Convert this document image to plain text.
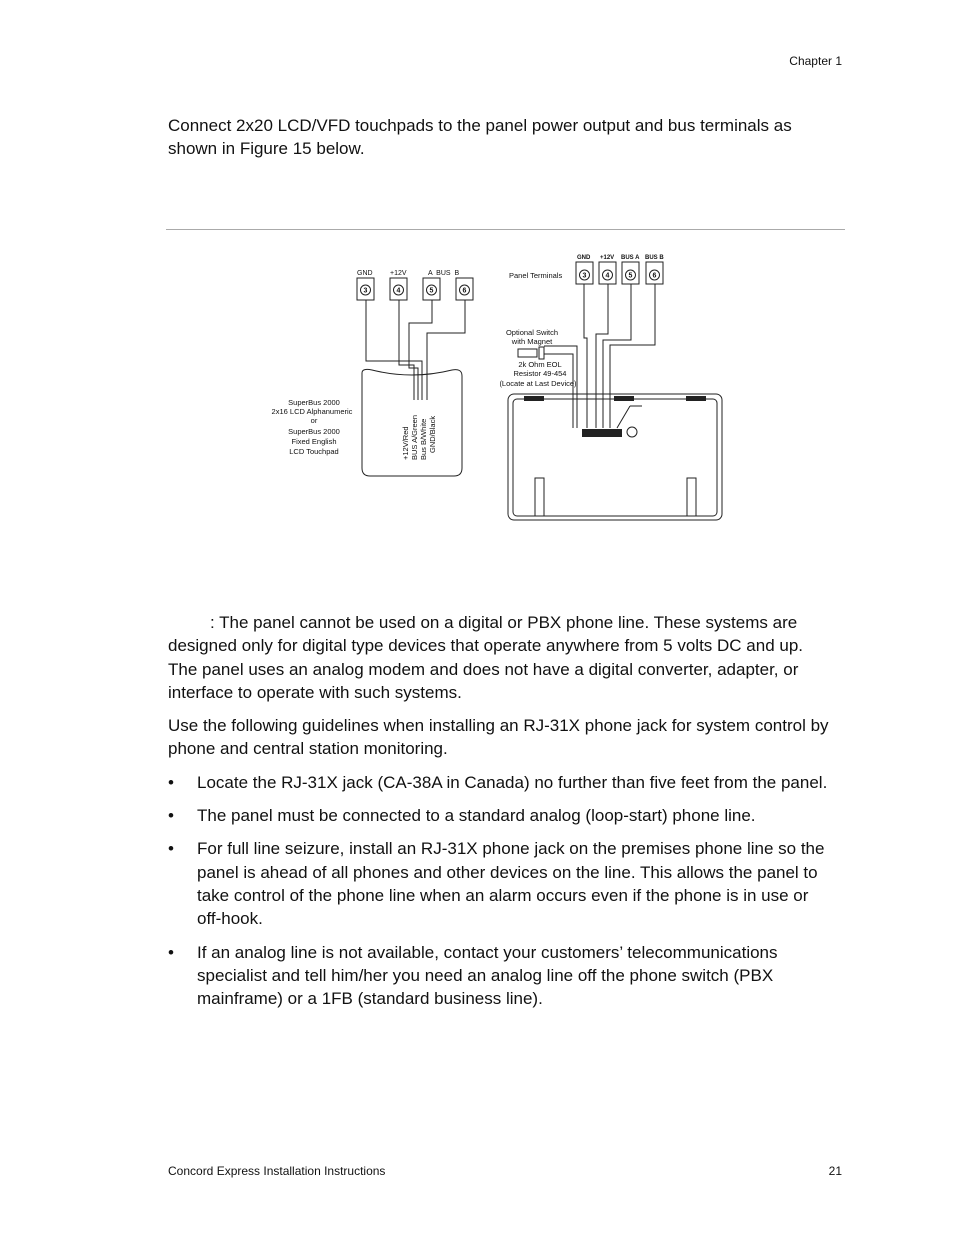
Chapter 1

Connect 2x20 LCD/VFD touchpads to the panel power output and bus terminals as shown in Figure 15 below.

3	4	5	6
3	4	5	6
GND +12V	A  BUS  B
GND +12V BUS A BUS B
Panel Terminals
SuperBus 2000
2x16 LCD Alphanumeric
or
SuperBus 2000
Fixed English
LCD Touchpad	+12V/Red BUS A/Green Bus B/White GND/Black
Optional Switch
with Magnet
2k Ohm EOL
Resistor 49-454
(Locate at Last Device)

: The panel cannot be used on a digital or PBX phone line. These systems are designed only for digital type devices that operate anywhere from 5 volts DC and up. The panel uses an analog modem and does not have a digital converter, adapter, or interface to operate with such systems.

Use the following guidelines when installing an RJ-31X phone jack for system control by phone and central station monitoring.

• Locate the RJ-31X jack (CA-38A in Canada) no further than five feet from the panel.
• The panel must be connected to a standard analog (loop-start) phone line.
• For full line seizure, install an RJ-31X phone jack on the premises phone line so the panel is ahead of all phones and other devices on the line. This allows the panel to take control of the phone line when an alarm occurs even if the phone is in use or off-hook.
• If an analog line is not available, contact your customers’ telecommunications specialist and tell him/her you need an analog line off the phone switch (PBX mainframe) or a 1FB (standard business line).
Concord Express Installation Instructions	21
